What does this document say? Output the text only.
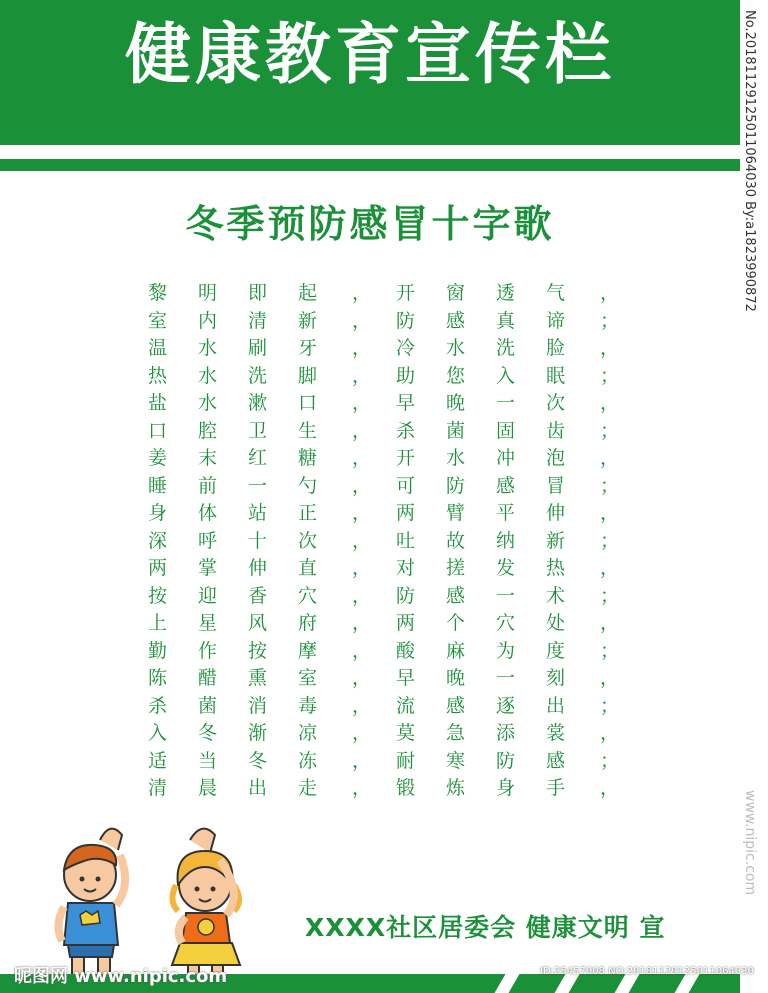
健康教育宣传栏	No.20181129125011064030 By:a1823990872
www.nipic.com
冬季预防感冒十字歌
黎 明 即 起 ， 开 窗 透 气 ，
室 内 清 新 ， 防 感 真 谛 ；
温 水 刷 牙 ， 冷 水 洗 脸 ，
热 水 洗 脚 ， 助 您 入 眠 ；
盐 水 漱 口 ， 早 晚 一 次 ，
口 腔 卫 生 ， 杀 菌 固 齿 ；
姜 末 红 糖 ， 开 水 冲 泡 ，
睡 前 一 勺 ， 可 防 感 冒 ；
身 体 站 正 ， 两 臂 平 伸 ，
深 呼 十 次 ， 吐 故 纳 新 ；
两 掌 伸 直 ， 对 搓 发 热 ，
按 迎 香 穴 ， 防 感 一 术 ；
上 星 风 府 ， 两 个 穴 处 ，
勤 作 按 摩 ， 酸 麻 为 度 ；
陈 醋 熏 室 ， 早 晚 一 刻 ，
杀 菌 消 毒 ， 流 感 逐 出 ；
入 冬 渐 凉 ， 莫 急 添 裳 ，
适 当 冬 冻 ， 耐 寒 防 感 ；
清 晨 出 走 ， 锻 炼 身 手 ，
XXXX社区居委会 健康文明 宣
昵图网 www.nipic.com	ID:25457008 NO:20181129125011064030
